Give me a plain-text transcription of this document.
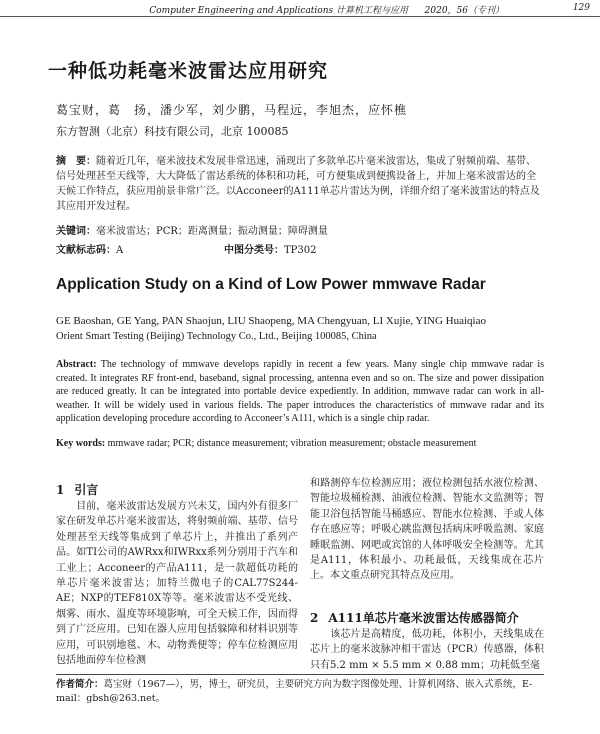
Computer Engineering and Applications 计算机工程与应用 2020，56（专刊）	129
一种低功耗毫米波雷达应用研究
葛宝财，葛　扬，潘少军，刘少鹏，马程远，李旭杰，应怀樵
东方智测（北京）科技有限公司，北京 100085
摘　要：随着近几年，毫米波技术发展非常迅速，涌现出了多款单芯片毫米波雷达，集成了射频前端、基带、信号处理甚至天线等，大大降低了雷达系统的体积和功耗，可方便集成到便携设备上，并加上毫米波雷达的全天候工作特点，获应用前景非常广泛。以Acconeer的A111单芯片雷达为例，详细介绍了毫米波雷达的特点及其应用开发过程。
关键词：毫米波雷达；PCR；距离测量；振动测量；障碍测量
文献标志码：A	中图分类号：TP302
Application Study on a Kind of Low Power mmwave Radar
GE Baoshan, GE Yang, PAN Shaojun, LIU Shaopeng, MA Chengyuan, LI Xujie, YING Huaiqiao
Orient Smart Testing (Beijing) Technology Co., Ltd., Beijing 100085, China
Abstract: The technology of mmwave develops rapidly in recent a few years. Many single chip mmwave radar is created. It integrates RF front-end, baseband, signal processing, antenna even and so on. The size and power dissipation are reduced greatly. It can be integrated into portable device expediently. In addition, mmwave radar can work in all-weather. It will be widely used in various fields. The paper introduces the characteristics of mmwave radar and its application developing procedure according to Acconeer’s A111, which is a single chip radar.
Key words: mmwave radar; PCR; distance measurement; vibration measurement; obstacle measurement
1 引言
目前，毫米波雷达发展方兴未艾，国内外有很多厂家在研发单芯片毫米波雷达，将射频前端、基带、信号处理甚至天线等集成到了单芯片上，并推出了系列产品。如TI公司的AWRxx和IWRxx系列分别用于汽车和工业上；Acconeer的产品A111，是一款超低功耗的单芯片毫米波雷达；加特兰微电子的CAL77S244-AE；NXP的TEF810X等等。毫米波雷达不受光线、烟雾、雨水、温度等环境影响，可全天候工作，因而得到了广泛应用。已知在器人应用包括躲障和材料识别等应用，可识别地毯、木、动物粪便等；停车位检测应用包括地面停车位检测
和路测停车位检测应用；液位检测包括水液位检测、智能垃圾桶检测、油液位检测、智能水文监测等；智能卫浴包括智能马桶感应、智能水位检测、手或人体存在感应等；呼吸心跳监测包括病床呼吸监测、家庭睡眠监测、网吧或宾馆的人体呼吸安全检测等。尤其是A111，体积最小、功耗最低，天线集成在芯片上。本文重点研究其特点及应用。
2 A111单芯片毫米波雷达传感器简介
该芯片是高精度，低功耗，体积小，天线集成在芯片上的毫米波脉冲相干雷达（PCR）传感器，体积只有5.2 mm × 5.5 mm × 0.88 mm；功耗低至毫
作者简介：葛宝财（1967—），男，博士，研究员，主要研究方向为数字图像处理、计算机网络、嵌入式系统，E-mail：gbsh@263.net。
